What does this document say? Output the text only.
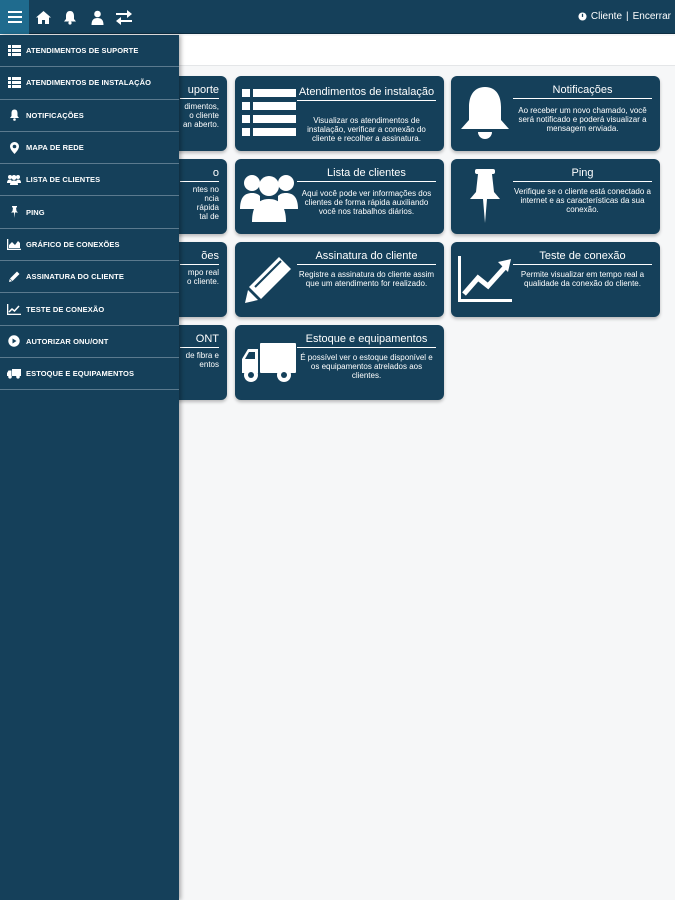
Cliente | Encerrar
uporte
dimentos,
o cliente
an aberto.
o
ntes no
ncia rápida
tal de
ões
mpo real
o cliente.
ONT
de fibra e
entos
Atendimentos de instalação
Visualizar os atendimentos de instalação, verificar a conexão do cliente e recolher a assinatura.
Notificações
Ao receber um novo chamado, você será notificado e poderá visualizar a mensagem enviada.
Lista de clientes
Aqui você pode ver informações dos clientes de forma rápida auxiliando você nos trabalhos diários.
Ping
Verifique se o cliente está conectado a internet e as características da sua conexão.
Assinatura do cliente
Registre a assinatura do cliente assim que um atendimento for realizado.
Teste de conexão
Permite visualizar em tempo real a qualidade da conexão do cliente.
Estoque e equipamentos
É possível ver o estoque disponível e os equipamentos atrelados aos clientes.
ATENDIMENTOS DE SUPORTE
ATENDIMENTOS DE INSTALAÇÃO
NOTIFICAÇÕES
MAPA DE REDE
LISTA DE CLIENTES
PING
GRÁFICO DE CONEXÕES
ASSINATURA DO CLIENTE
TESTE DE CONEXÃO
AUTORIZAR ONU/ONT
ESTOQUE E EQUIPAMENTOS
